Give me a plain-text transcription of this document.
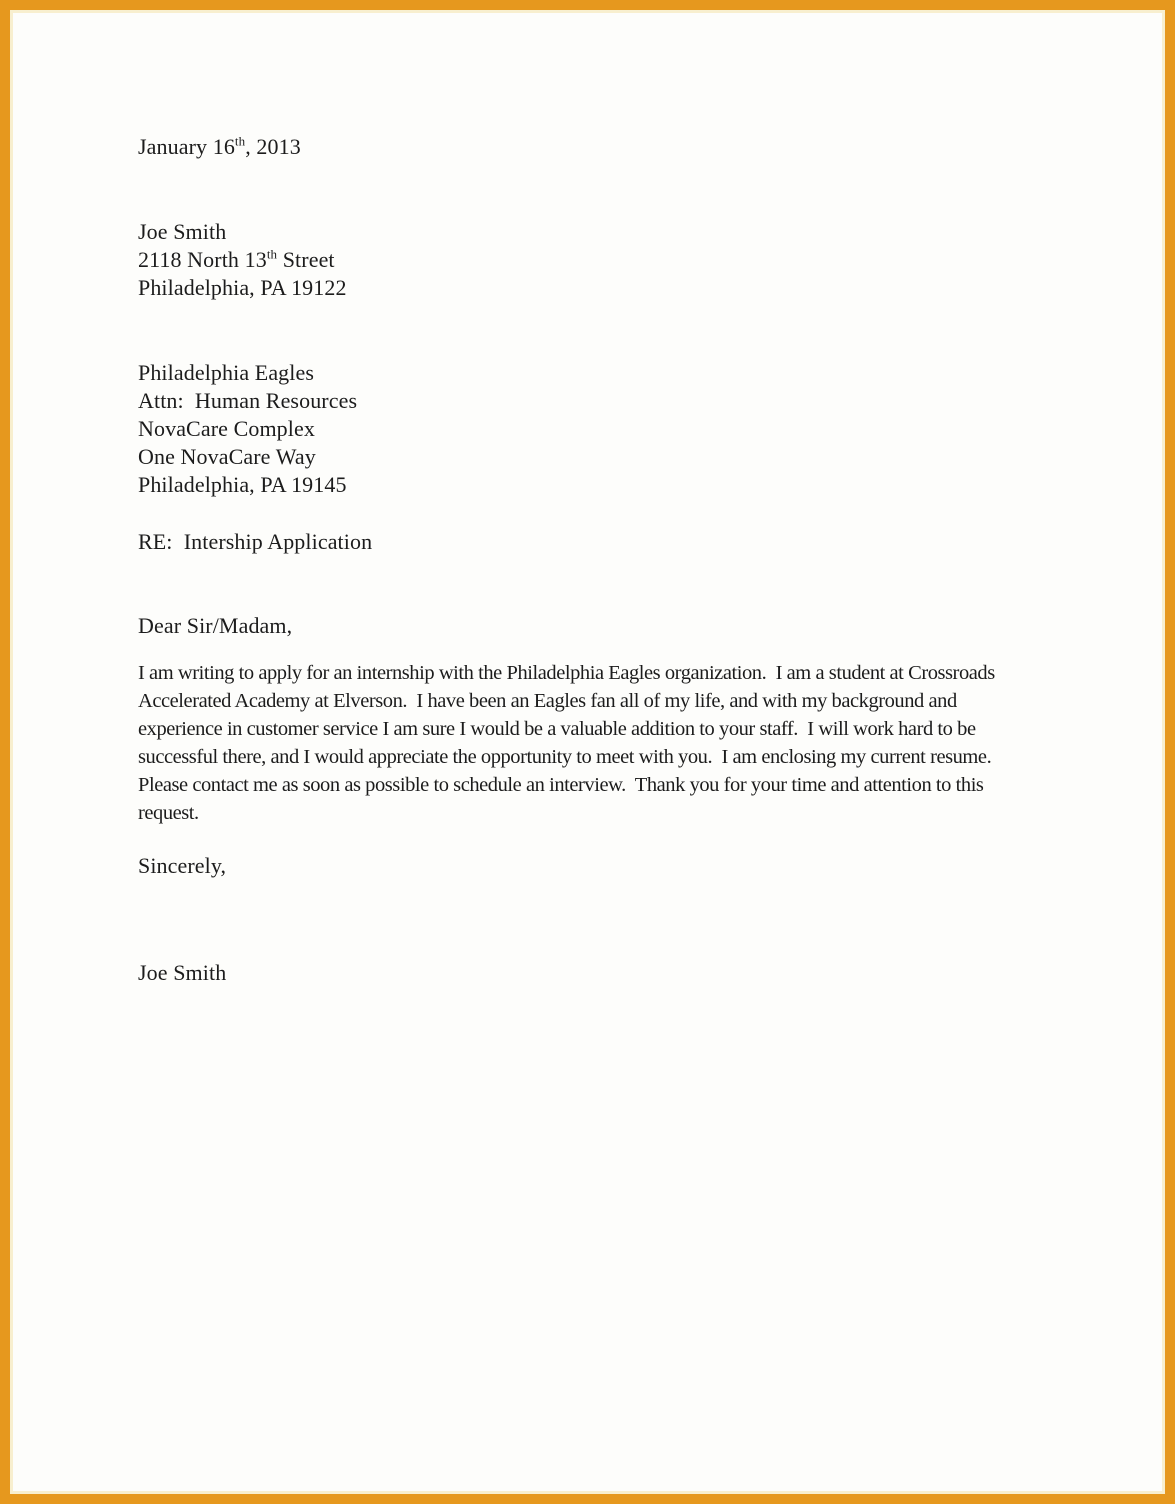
January 16th, 2013
Joe Smith
2118 North 13th Street
Philadelphia, PA 19122
Philadelphia Eagles
Attn:  Human Resources
NovaCare Complex
One NovaCare Way
Philadelphia, PA 19145
RE:  Intership Application
Dear Sir/Madam,
I am writing to apply for an internship with the Philadelphia Eagles organization.  I am a student at Crossroads Accelerated Academy at Elverson.  I have been an Eagles fan all of my life, and with my background and experience in customer service I am sure I would be a valuable addition to your staff.  I will work hard to be successful there, and I would appreciate the opportunity to meet with you.  I am enclosing my current resume.  Please contact me as soon as possible to schedule an interview.  Thank you for your time and attention to this request.
Sincerely,
Joe Smith
